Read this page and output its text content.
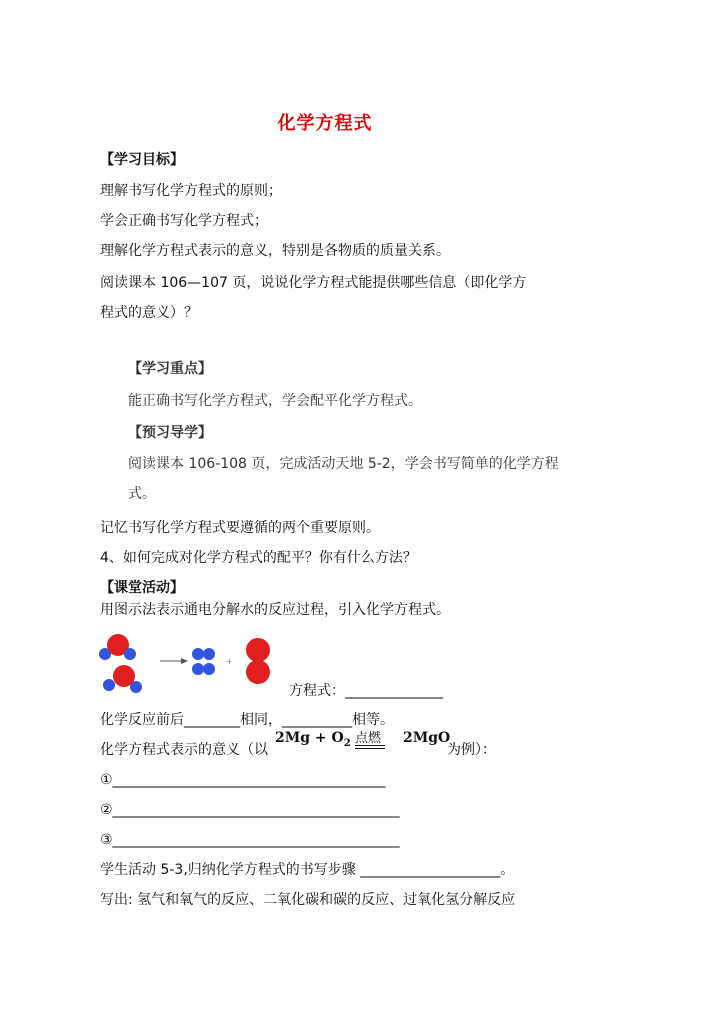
化学方程式
【学习目标】
理解书写化学方程式的原则；
学会正确书写化学方程式；
理解化学方程式表示的意义，特别是各物质的质量关系。
阅读课本 106—107 页，说说化学方程式能提供哪些信息（即化学方
程式的意义）？
【学习重点】
能正确书写化学方程式，学会配平化学方程式。
【预习导学】
阅读课本 106-108 页，完成活动天地 5-2，学会书写简单的化学方程
式。
记忆书写化学方程式要遵循的两个重要原则。
4、如何完成对化学方程式的配平？你有什么方法？
【课堂活动】
用图示法表示通电分解水的反应过程，引入化学方程式。
+
方程式：______________
化学反应前后________相同，__________相等。
化学方程式表示的意义（以
$2Mg + O_2$ 点燃 2MgO
为例）：
①_______________________________________
②_________________________________________
③_________________________________________
学生活动 5-3,归纳化学方程式的书写步骤 ____________________。
写出: 氢气和氧气的反应、二氧化碳和碳的反应、过氧化氢分解反应
